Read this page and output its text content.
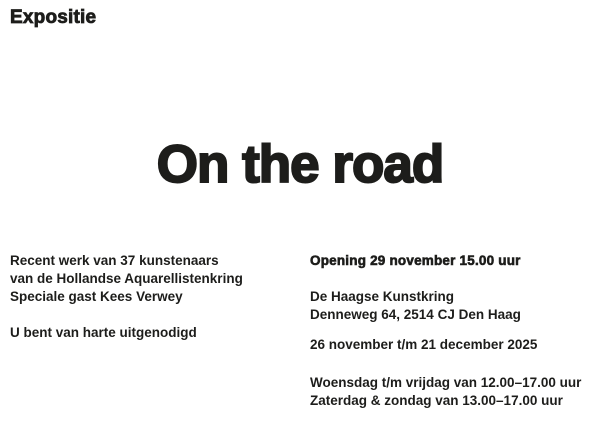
Expositie
On the road

Recent werk van 37 kunstenaars
van de Hollandse Aquarellistenkring
Speciale gast Kees Verwey

U bent van harte uitgenodigd

Opening 29 november 15.00 uur

De Haagse Kunstkring
Denneweg 64, 2514 CJ Den Haag

26 november t/m 21 december 2025

Woensdag t/m vrijdag van 12.00–17.00 uur
Zaterdag & zondag van 13.00–17.00 uur
